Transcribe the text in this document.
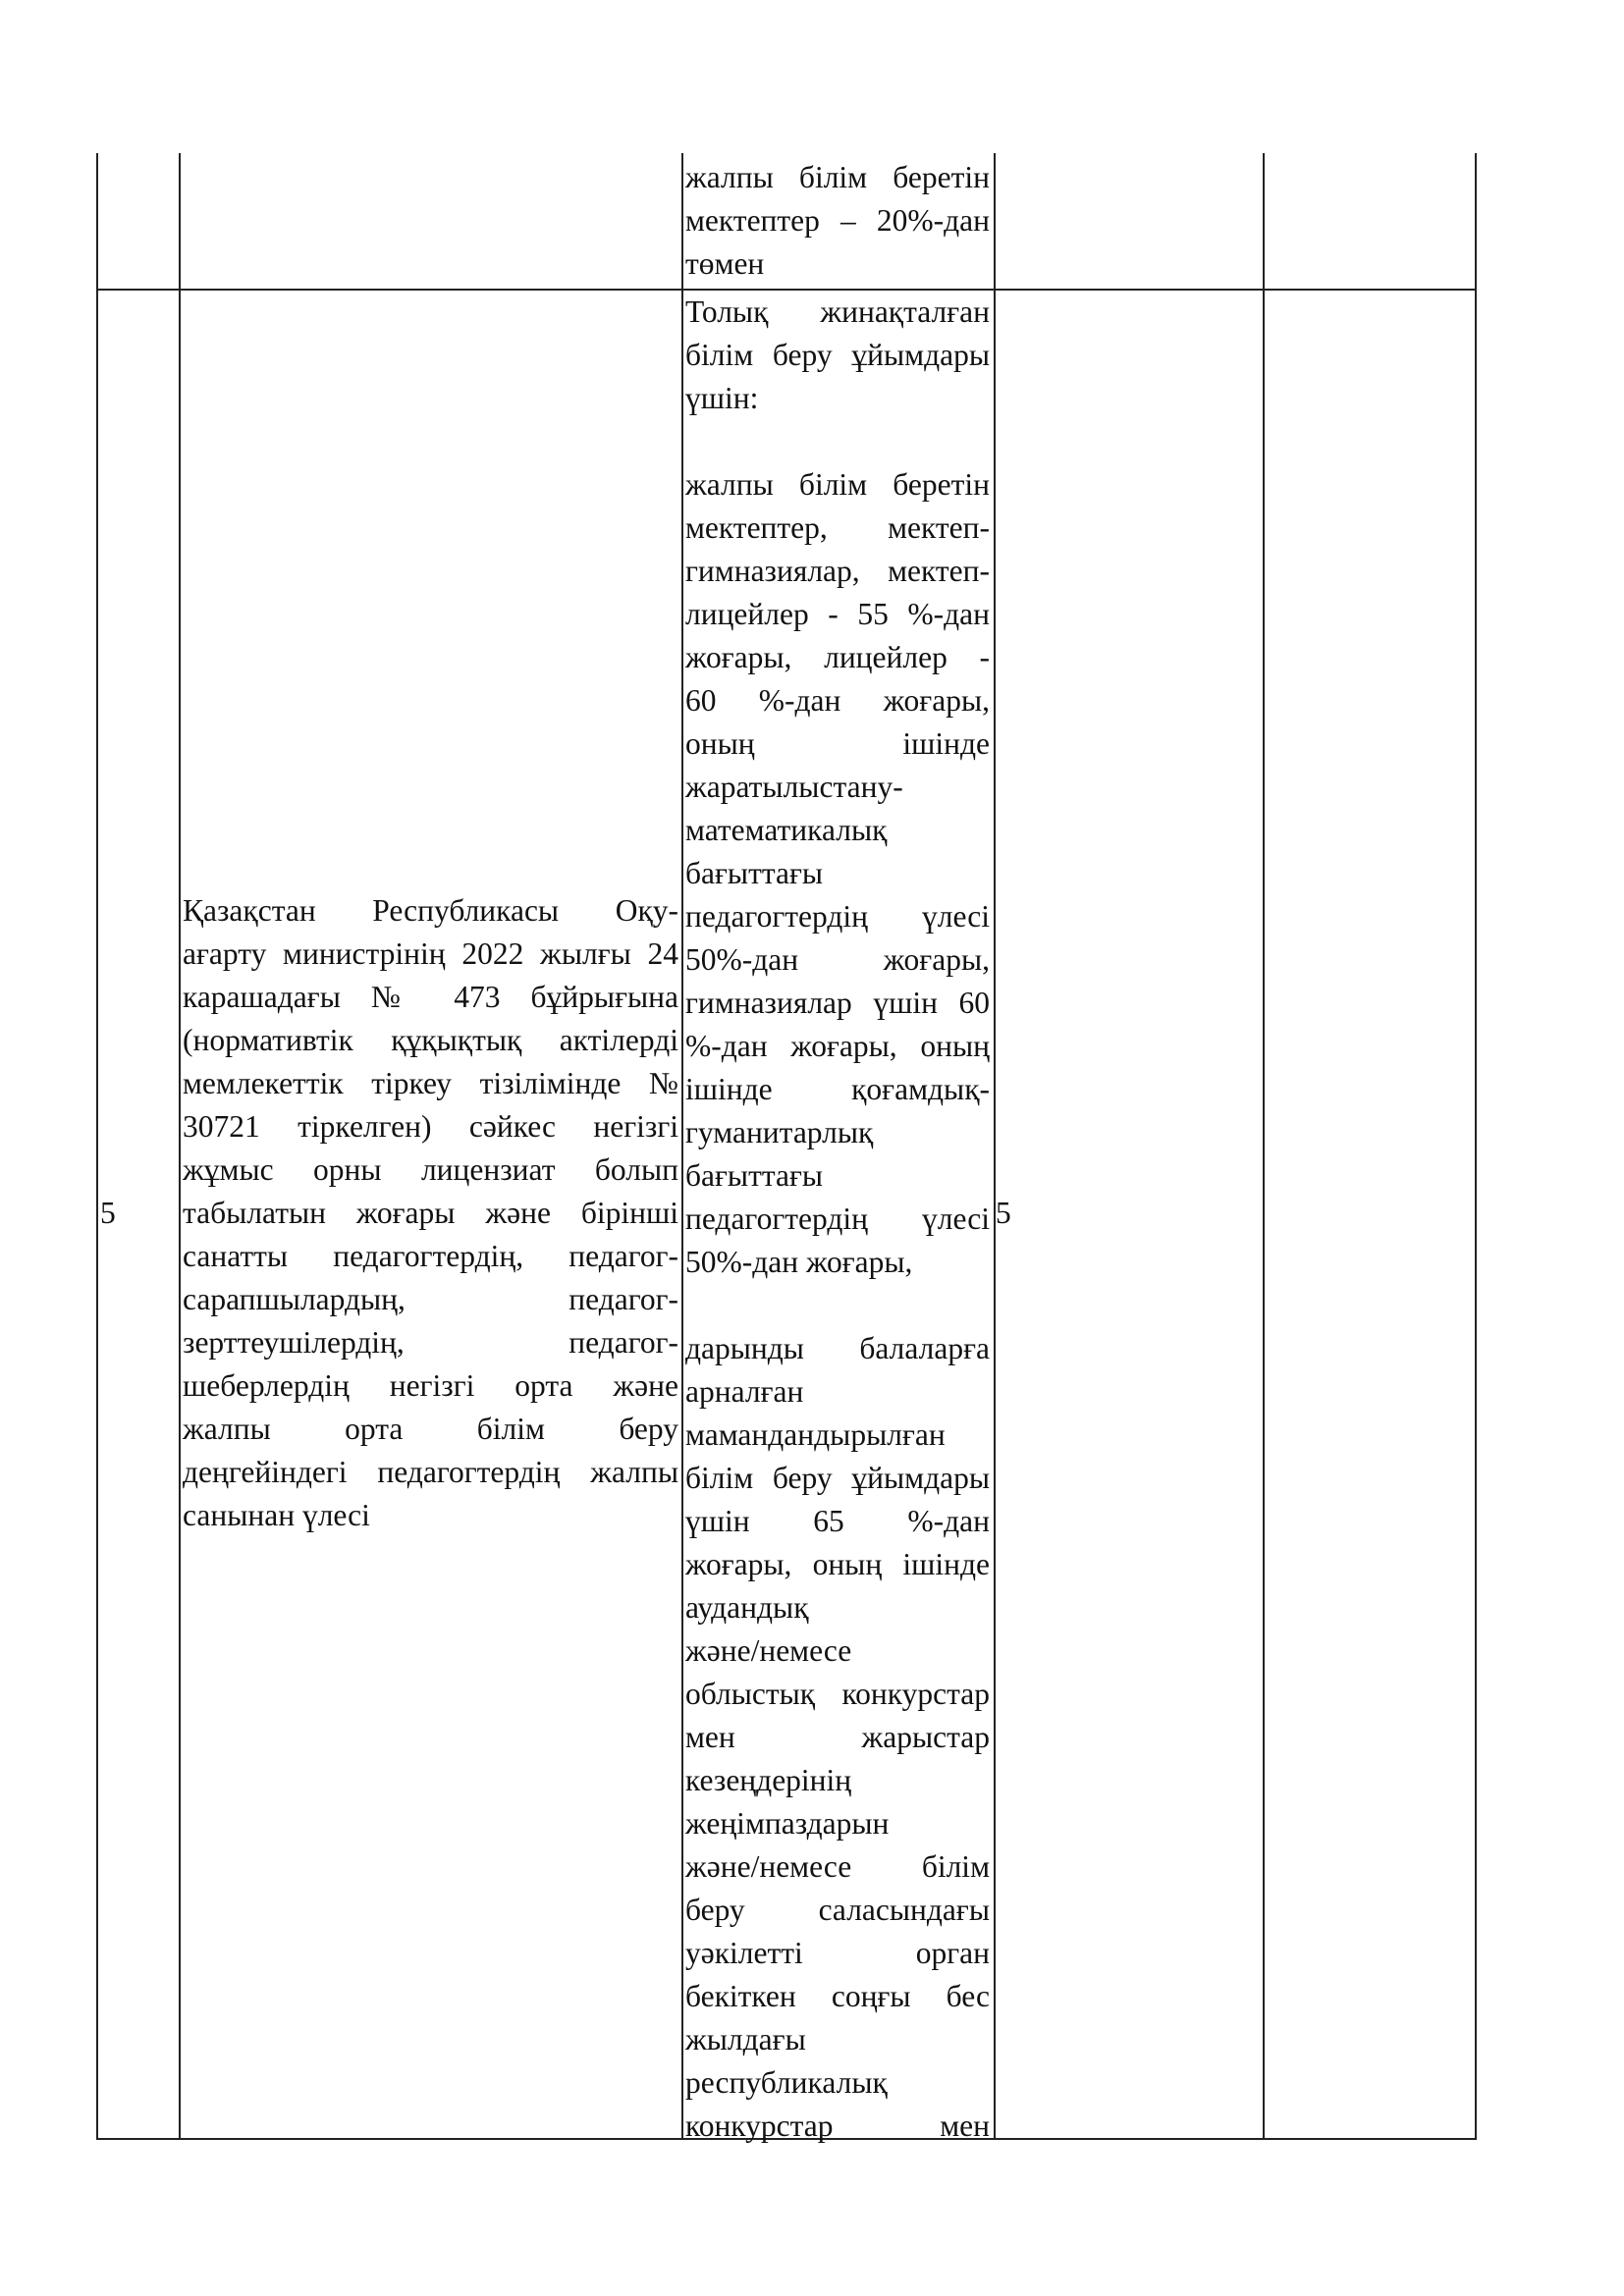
жалпы білім беретін
мектептер – 20%-дан
төмен
5
Қазақстан Республикасы Оқу-
ағарту министрінің 2022 жылғы 24
карашадағы № 473 бұйрығына
(нормативтік құқықтық актілерді
мемлекеттік тіркеу тізілімінде №
30721 тіркелген) сәйкес негізгі
жұмыс орны лицензиат болып
табылатын жоғары және бірінші
санатты педагогтердің, педагог-
сарапшылардың, педагог-
зерттеушілердің, педагог-
шеберлердің негізгі орта және
жалпы орта білім беру
деңгейіндегі педагогтердің жалпы
санынан үлесі
Толық жинақталған
білім беру ұйымдары
үшін:
жалпы білім беретін
мектептер, мектеп-
гимназиялар, мектеп-
лицейлер - 55 %-дан
жоғары, лицейлер -
60 %-дан жоғары,
оның ішінде
жаратылыстану-
математикалық
бағыттағы
педагогтердің үлесі
50%-дан жоғары,
гимназиялар үшін 60
%-дан жоғары, оның
ішінде қоғамдық-
гуманитарлық
бағыттағы
педагогтердің үлесі
50%-дан жоғары,
дарынды балаларға
арналған
мамандандырылған
білім беру ұйымдары
үшін 65 %-дан
жоғары, оның ішінде
аудандық
және/немесе
облыстық конкурстар
мен жарыстар
кезеңдерінің
жеңімпаздарын
және/немесе білім
беру саласындағы
уәкілетті орган
бекіткен соңғы бес
жылдағы
республикалық
конкурстар мен
5
